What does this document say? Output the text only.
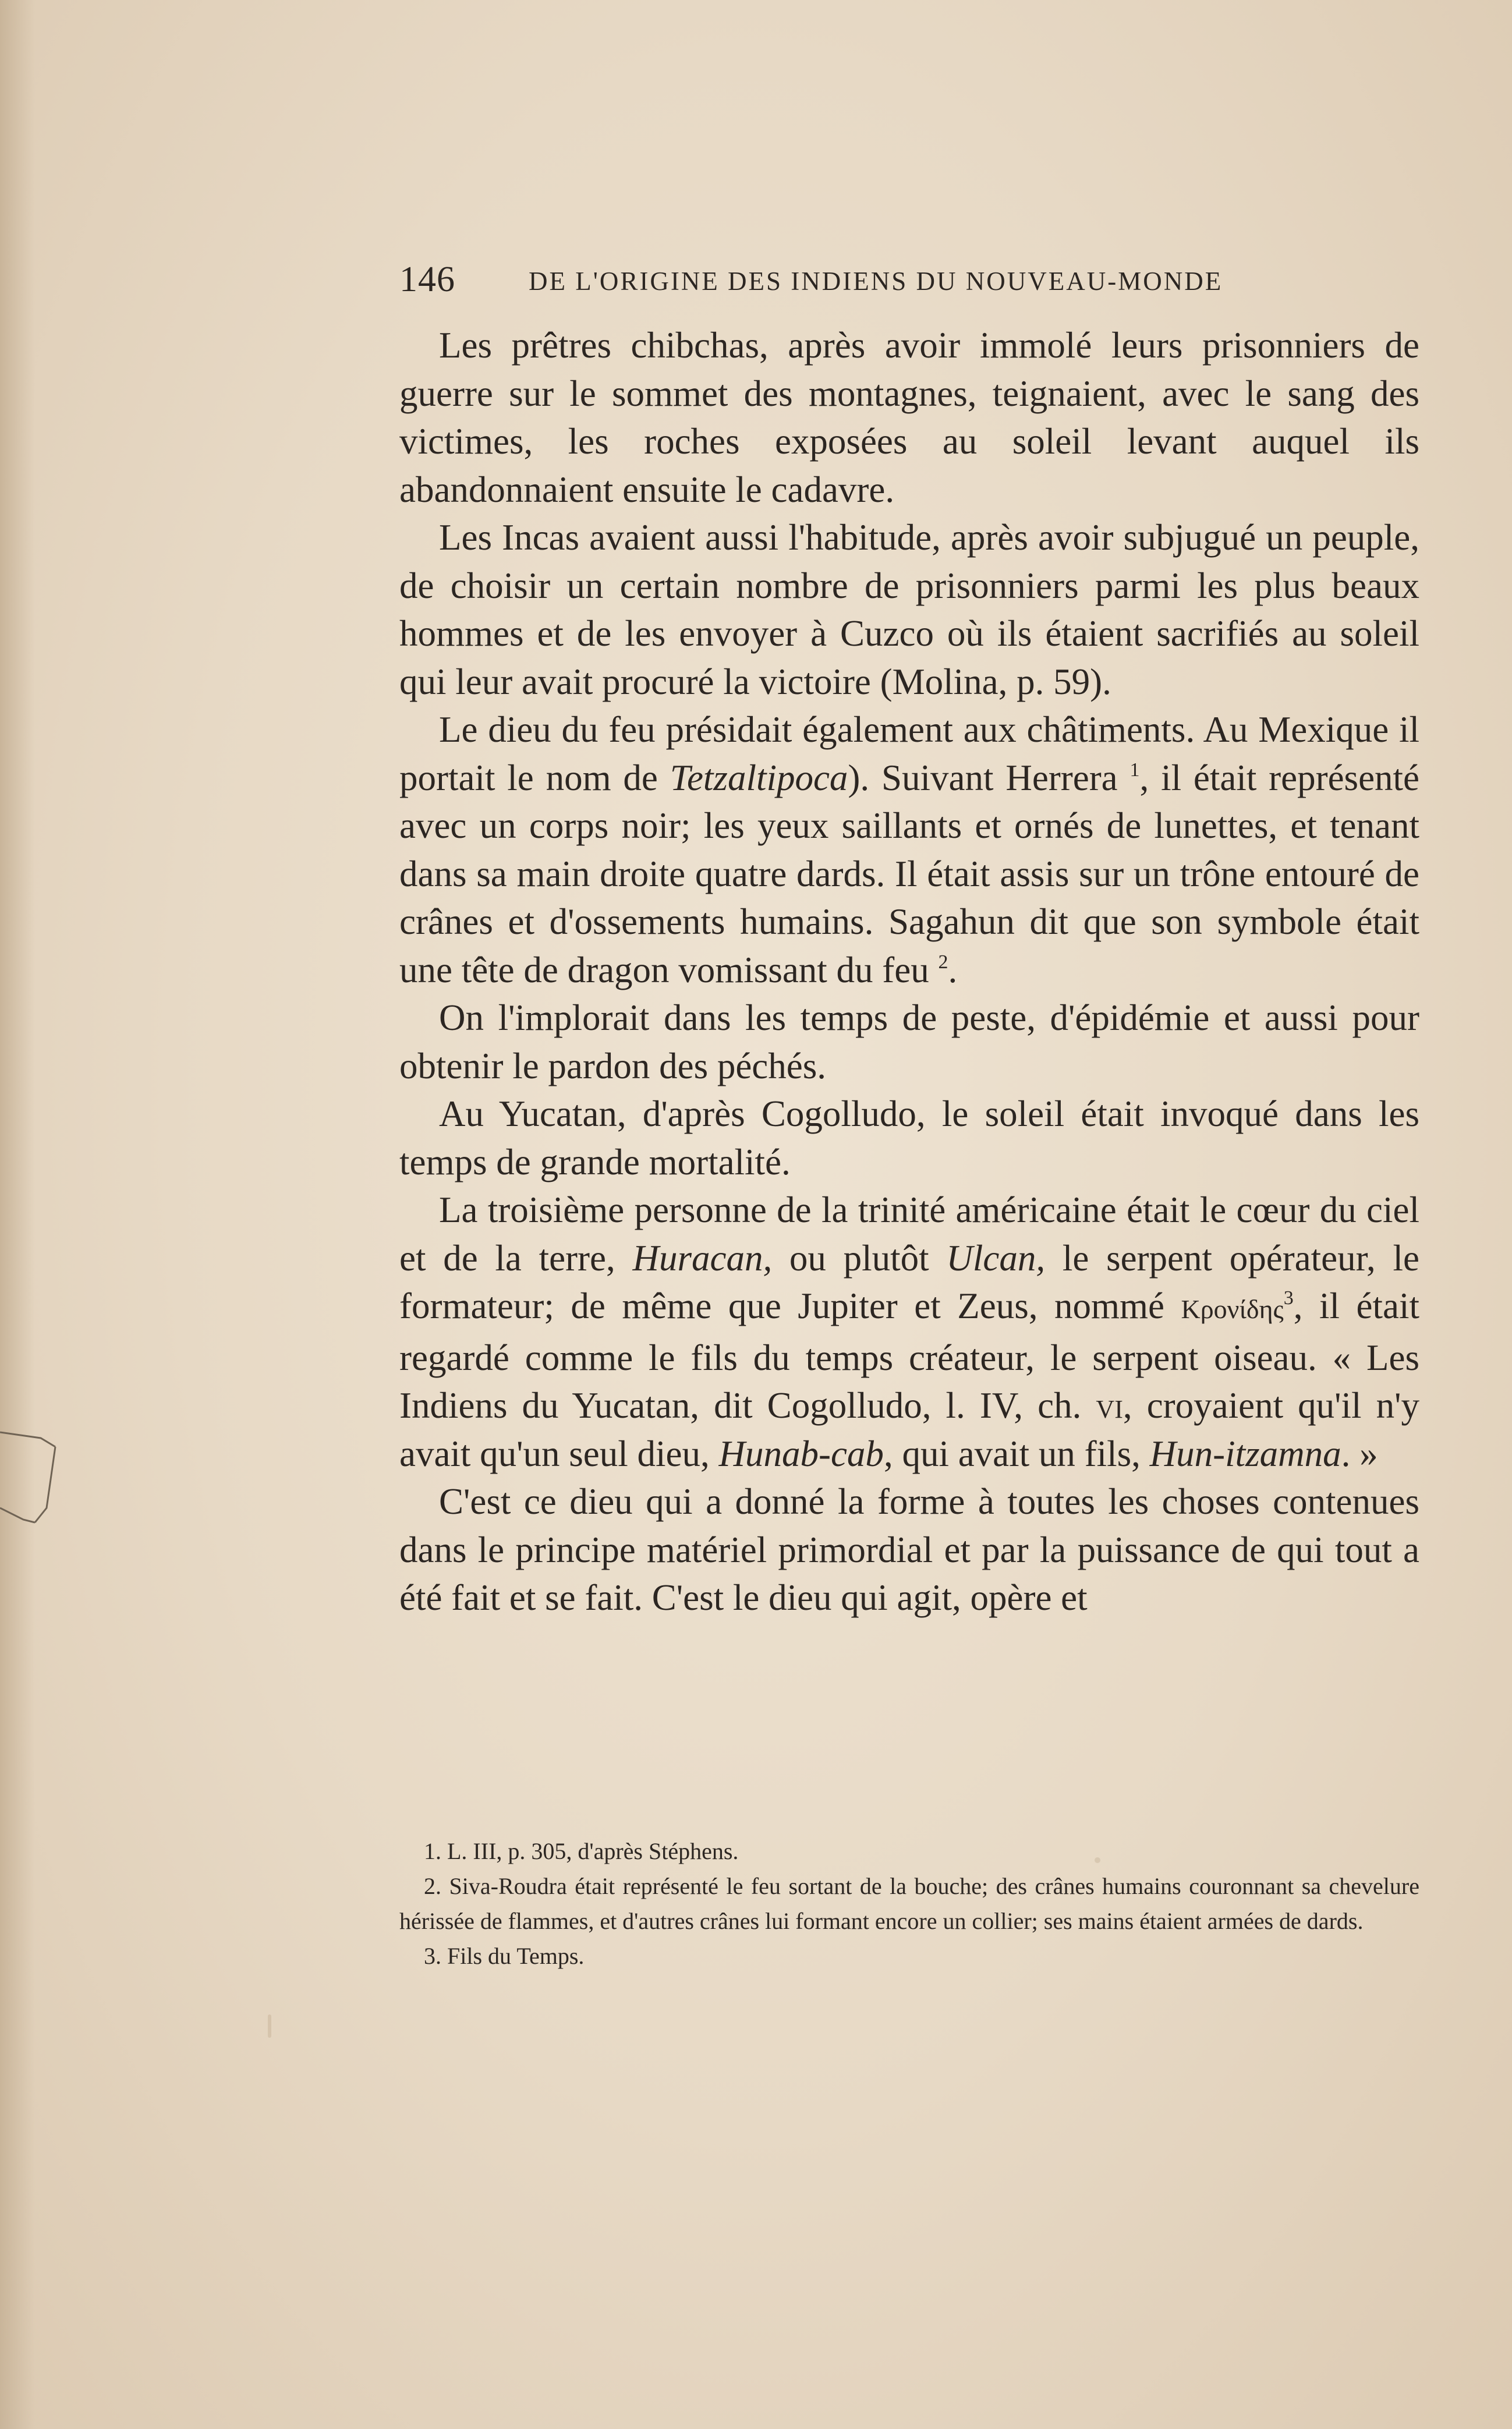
146	DE L'ORIGINE DES INDIENS DU NOUVEAU-MONDE

Les prêtres chibchas, après avoir immolé leurs prisonniers de guerre sur le sommet des montagnes, teignaient, avec le sang des victimes, les roches exposées au soleil levant auquel ils abandonnaient ensuite le cadavre.

Les Incas avaient aussi l'habitude, après avoir subjugué un peuple, de choisir un certain nombre de prisonniers parmi les plus beaux hommes et de les envoyer à Cuzco où ils étaient sacrifiés au soleil qui leur avait procuré la victoire (Molina, p. 59).

Le dieu du feu présidait également aux châtiments. Au Mexique il portait le nom de Tetzaltipoca). Suivant Herrera $^1$, il était représenté avec un corps noir; les yeux saillants et ornés de lunettes, et tenant dans sa main droite quatre dards. Il était assis sur un trône entouré de crânes et d'ossements humains. Sagahun dit que son symbole était une tête de dragon vomissant du feu $^2$.

On l'implorait dans les temps de peste, d'épidémie et aussi pour obtenir le pardon des péchés.

Au Yucatan, d'après Cogolludo, le soleil était invoqué dans les temps de grande mortalité.

La troisième personne de la trinité américaine était le cœur du ciel et de la terre, Huracan, ou plutôt Ulcan, le serpent opérateur, le formateur; de même que Jupiter et Zeus, nommé Κρονίδης$^3$, il était regardé comme le fils du temps créateur, le serpent oiseau. « Les Indiens du Yucatan, dit Cogolludo, l. IV, ch. vi, croyaient qu'il n'y avait qu'un seul dieu, Hunab-cab, qui avait un fils, Hun-itzamna. »

C'est ce dieu qui a donné la forme à toutes les choses contenues dans le principe matériel primordial et par la puissance de qui tout a été fait et se fait. C'est le dieu qui agit, opère et

1. L. III, p. 305, d'après Stéphens.

2. Siva-Roudra était représenté le feu sortant de la bouche; des crânes humains couronnant sa chevelure hérissée de flammes, et d'autres crânes lui formant encore un collier; ses mains étaient armées de dards.

3. Fils du Temps.
